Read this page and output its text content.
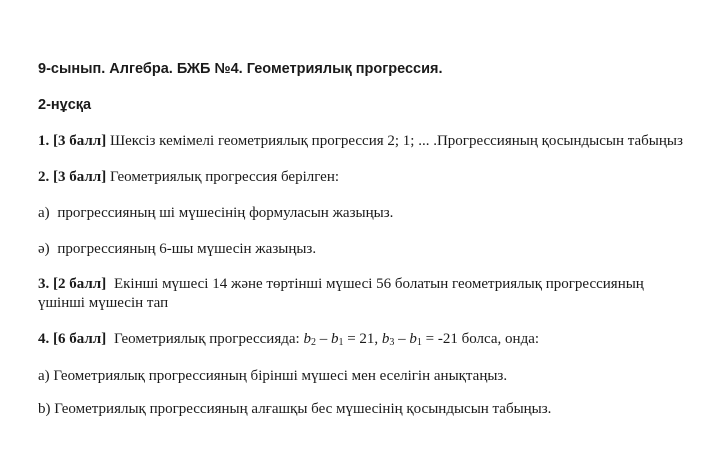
9-сынып. Алгебра. БЖБ №4. Геометриялық прогрессия.
2-нұсқа
1. [3 балл] Шексіз кемімелі геометриялық прогрессия 2; 1; ... .Прогрессияның қосындысын табыңыз
2. [3 балл] Геометриялық прогрессия берілген:
а) прогрессияның ші мүшесінің формуласын жазыңыз.
ә) прогрессияның 6-шы мүшесін жазыңыз.
3. [2 балл] Екінші мүшесі 14 және төртінші мүшесі 56 болатын геометриялық прогрессияның
үшінші мүшесін тап
4. [6 балл] Геометриялық прогрессияда: $b_2 - b_1 = 21$, $b_3 - b_1 = -21$ болса, онда:
а) Геометриялық прогрессияның бірінші мүшесі мен еселігін анықтаңыз.
b) Геометриялық прогрессияның алғашқы бес мүшесінің қосындысын табыңыз.
